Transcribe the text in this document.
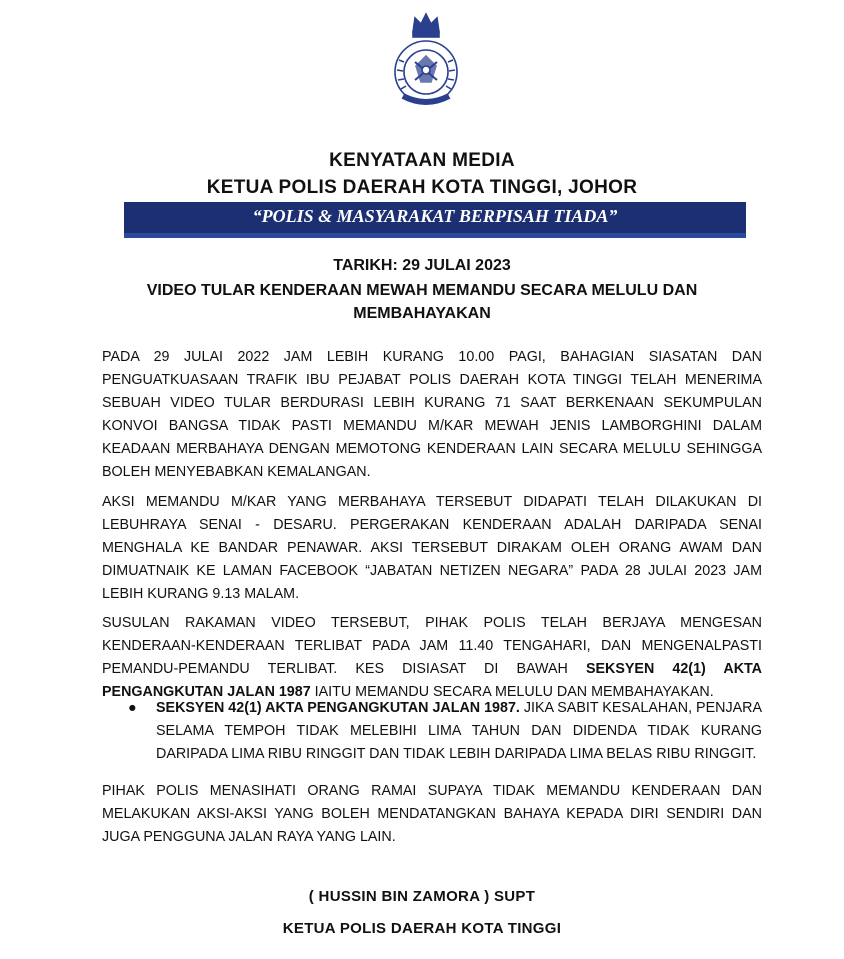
KENYATAAN MEDIA
KETUA POLIS DAERAH KOTA TINGGI, JOHOR
“POLIS & MASYARAKAT BERPISAH TIADA”
TARIKH: 29 JULAI 2023
VIDEO TULAR KENDERAAN MEWAH MEMANDU SECARA MELULU DAN
MEMBAHAYAKAN
PADA 29 JULAI 2022 JAM LEBIH KURANG 10.00 PAGI, BAHAGIAN SIASATAN DAN PENGUATKUASAAN TRAFIK IBU PEJABAT POLIS DAERAH KOTA TINGGI TELAH MENERIMA SEBUAH VIDEO TULAR BERDURASI LEBIH KURANG 71 SAAT BERKENAAN SEKUMPULAN KONVOI BANGSA TIDAK PASTI MEMANDU M/KAR MEWAH JENIS LAMBORGHINI DALAM KEADAAN MERBAHAYA DENGAN MEMOTONG KENDERAAN LAIN SECARA MELULU SEHINGGA BOLEH MENYEBABKAN KEMALANGAN.
AKSI MEMANDU M/KAR YANG MERBAHAYA TERSEBUT DIDAPATI TELAH DILAKUKAN DI LEBUHRAYA SENAI - DESARU. PERGERAKAN KENDERAAN ADALAH DARIPADA SENAI MENGHALA KE BANDAR PENAWAR. AKSI TERSEBUT DIRAKAM OLEH ORANG AWAM DAN DIMUATNAIK KE LAMAN FACEBOOK “JABATAN NETIZEN NEGARA” PADA 28 JULAI 2023 JAM LEBIH KURANG 9.13 MALAM.
SUSULAN RAKAMAN VIDEO TERSEBUT, PIHAK POLIS TELAH BERJAYA MENGESAN KENDERAAN-KENDERAAN TERLIBAT PADA JAM 11.40 TENGAHARI, DAN MENGENALPASTI PEMANDU-PEMANDU TERLIBAT. KES DISIASAT DI BAWAH SEKSYEN 42(1) AKTA PENGANGKUTAN JALAN 1987 IAITU MEMANDU SECARA MELULU DAN MEMBAHAYAKAN.
● SEKSYEN 42(1) AKTA PENGANGKUTAN JALAN 1987. JIKA SABIT KESALAHAN, PENJARA SELAMA TEMPOH TIDAK MELEBIHI LIMA TAHUN DAN DIDENDA TIDAK KURANG DARIPADA LIMA RIBU RINGGIT DAN TIDAK LEBIH DARIPADA LIMA BELAS RIBU RINGGIT.
PIHAK POLIS MENASIHATI ORANG RAMAI SUPAYA TIDAK MEMANDU KENDERAAN DAN MELAKUKAN AKSI-AKSI YANG BOLEH MENDATANGKAN BAHAYA KEPADA DIRI SENDIRI DAN JUGA PENGGUNA JALAN RAYA YANG LAIN.
( HUSSIN BIN ZAMORA ) SUPT
KETUA POLIS DAERAH KOTA TINGGI
